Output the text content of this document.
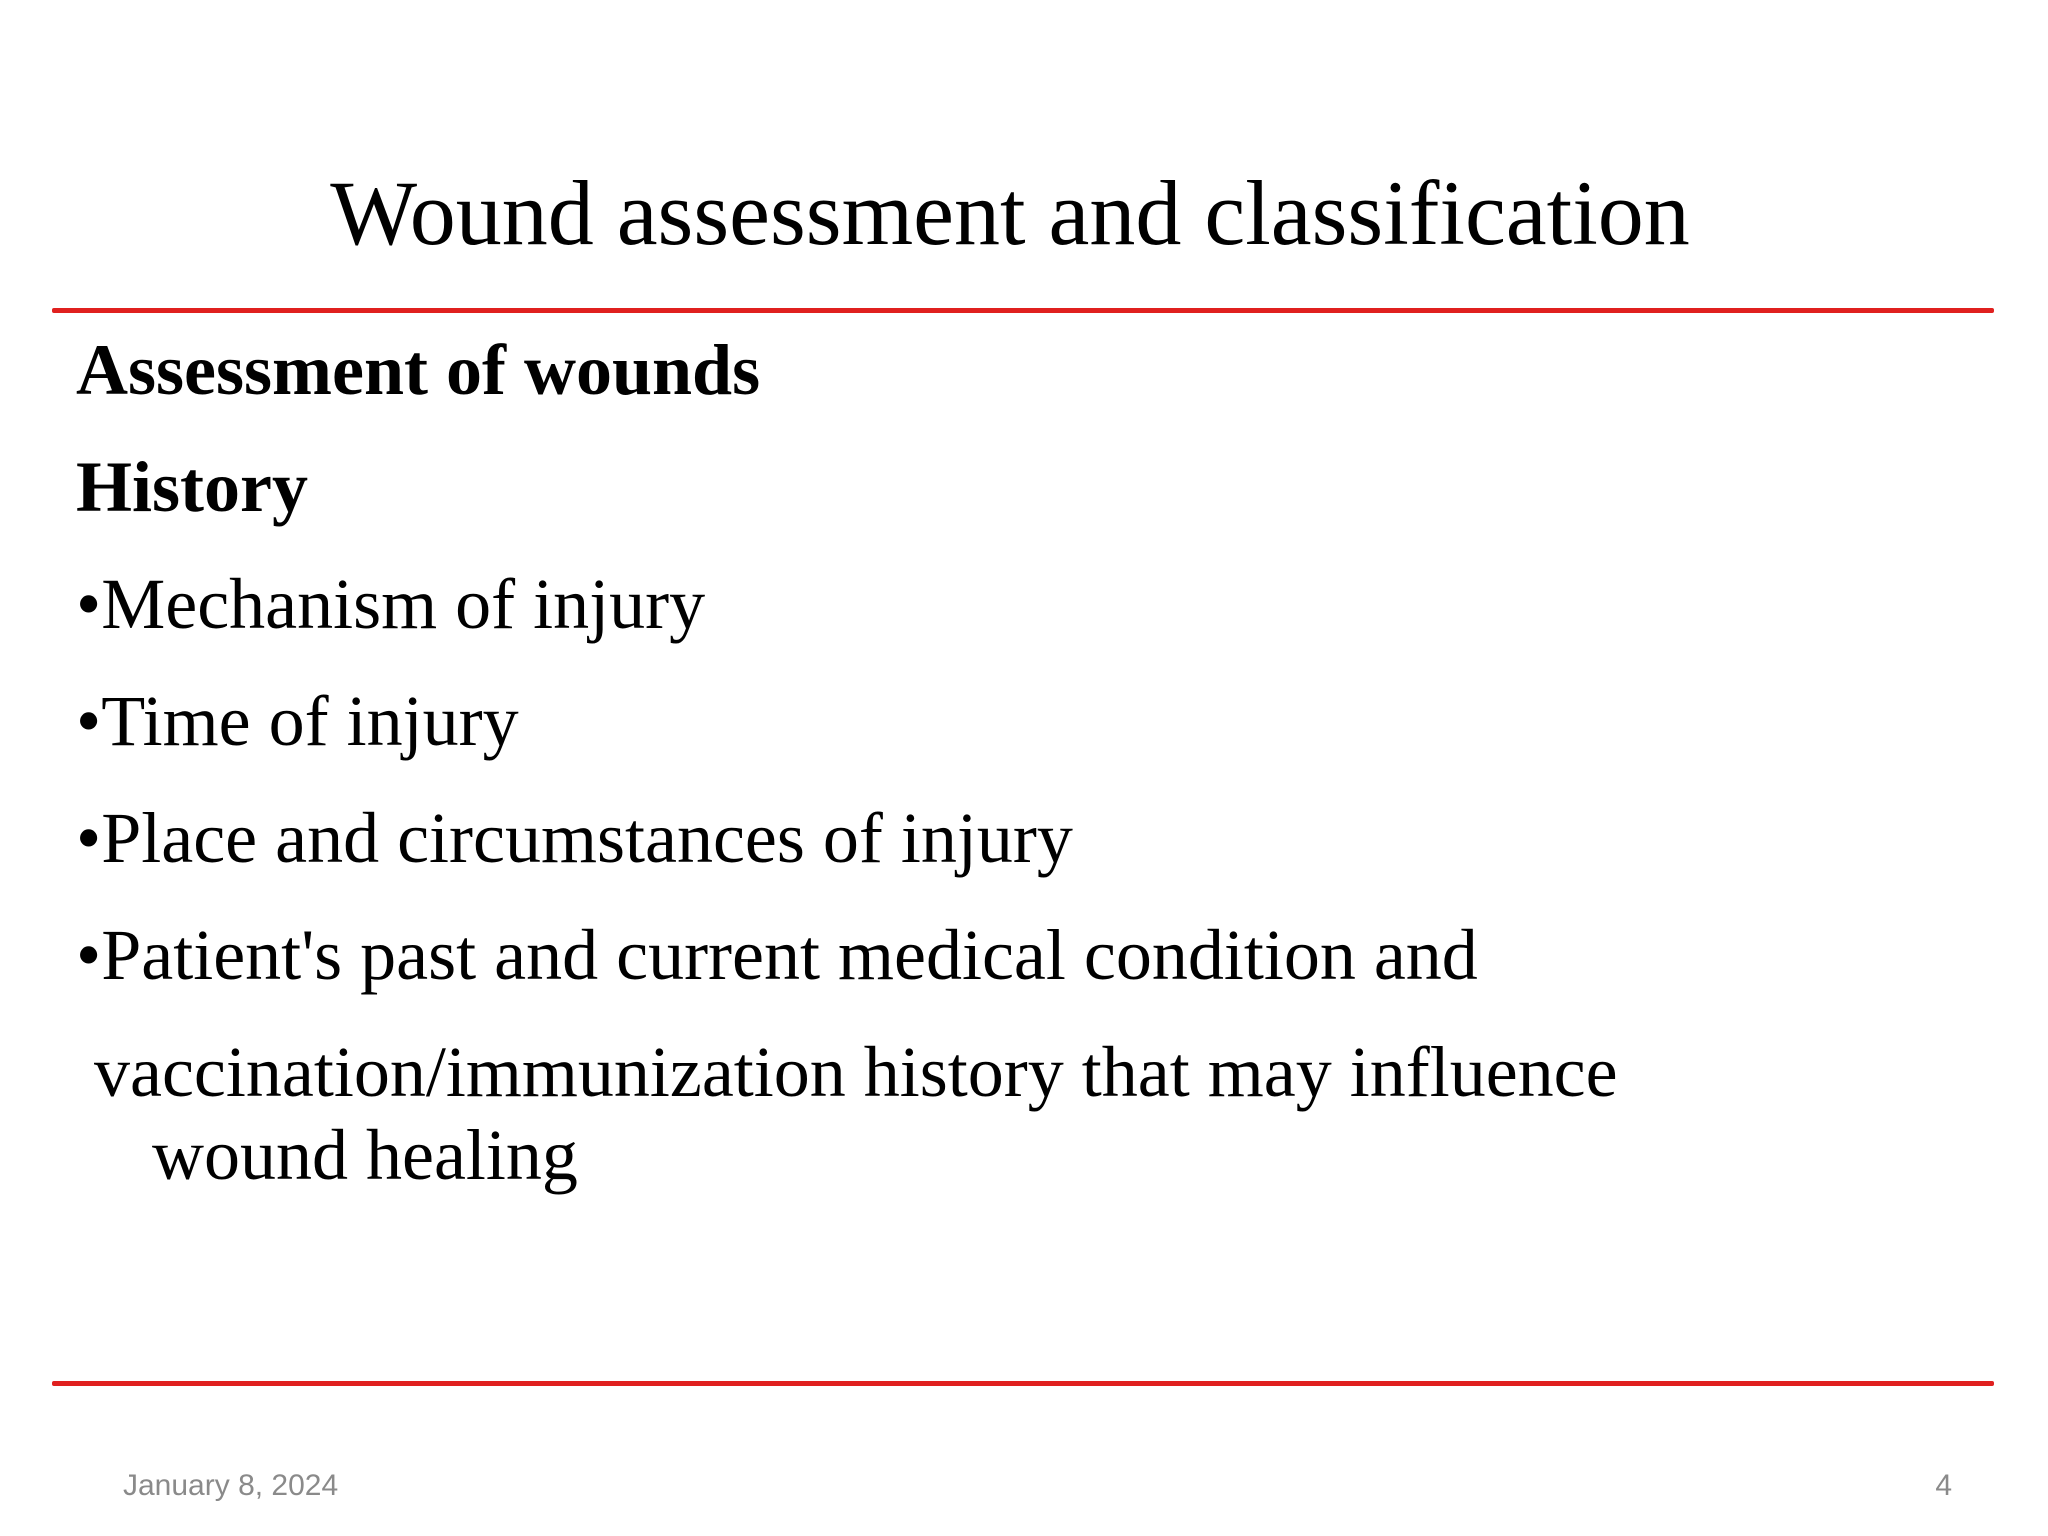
Wound assessment and classification
Assessment of wounds
History
•Mechanism of injury
•Time of injury
•Place and circumstances of injury
•Patient's past and current medical condition and
vaccination/immunization history that may influence
wound healing
January 8, 2024	4
